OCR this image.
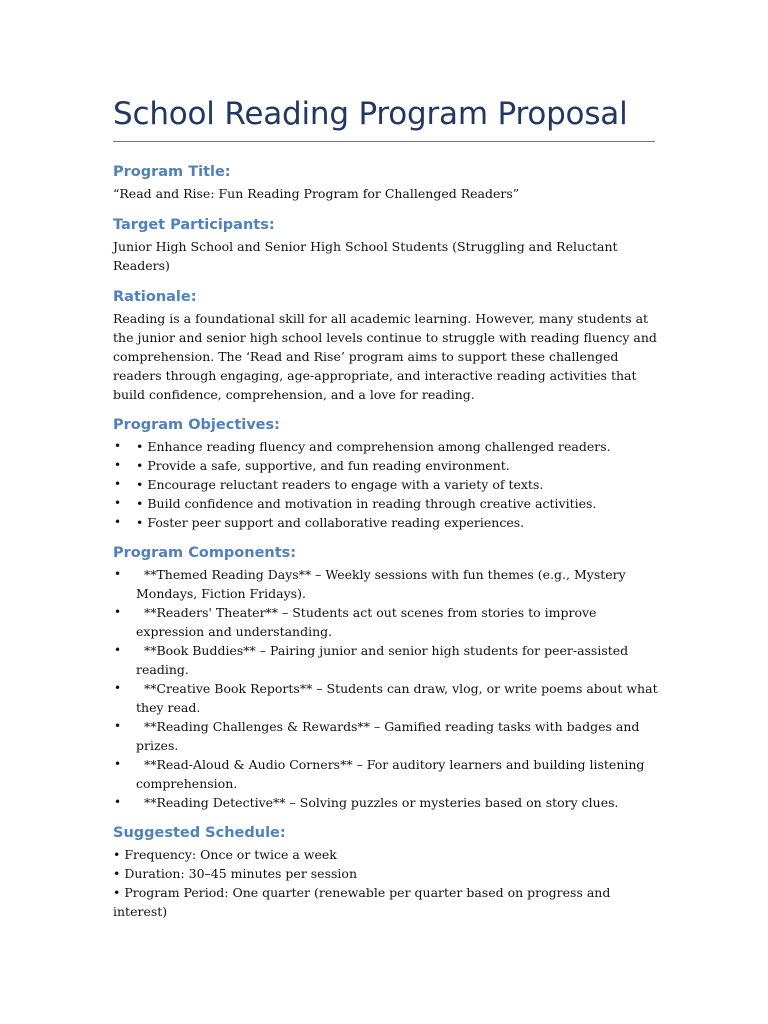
School Reading Program Proposal
Program Title:

“Read and Rise: Fun Reading Program for Challenged Readers”

Target Participants:

Junior High School and Senior High School Students (Struggling and Reluctant Readers)

Rationale:

Reading is a foundational skill for all academic learning. However, many students at the junior and senior high school levels continue to struggle with reading fluency and comprehension. The ‘Read and Rise’ program aims to support these challenged readers through engaging, age-appropriate, and interactive reading activities that build confidence, comprehension, and a love for reading.

Program Objectives:
• • Enhance reading fluency and comprehension among challenged readers.
• • Provide a safe, supportive, and fun reading environment.
• • Encourage reluctant readers to engage with a variety of texts.
• • Build confidence and motivation in reading through creative activities.
• • Foster peer support and collaborative reading experiences.
Program Components:
• **Themed Reading Days** – Weekly sessions with fun themes (e.g., Mystery Mondays, Fiction Fridays).
• **Readers' Theater** – Students act out scenes from stories to improve expression and understanding.
• **Book Buddies** – Pairing junior and senior high students for peer-assisted reading.
• **Creative Book Reports** – Students can draw, vlog, or write poems about what they read.
• **Reading Challenges & Rewards** – Gamified reading tasks with badges and prizes.
• **Read-Aloud & Audio Corners** – For auditory learners and building listening comprehension.
• **Reading Detective** – Solving puzzles or mysteries based on story clues.
Suggested Schedule:

• Frequency: Once or twice a week

• Duration: 30–45 minutes per session

• Program Period: One quarter (renewable per quarter based on progress and interest)
